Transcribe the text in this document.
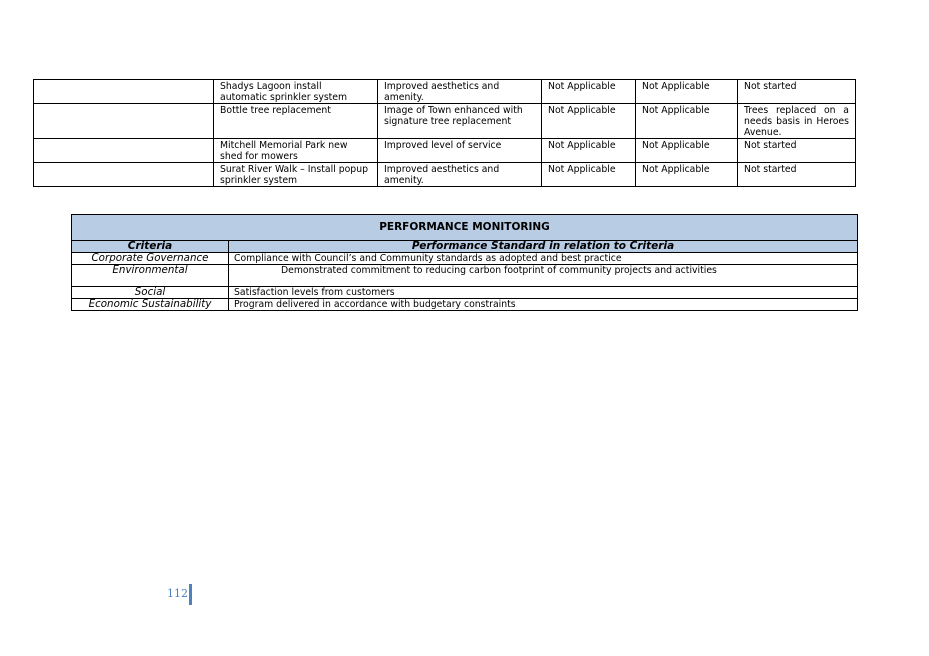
	Shadys Lagoon install automatic sprinkler system	Improved aesthetics and amenity.	Not Applicable	Not Applicable	Not started
	Bottle tree replacement	Image of Town enhanced with signature tree replacement	Not Applicable	Not Applicable	Trees replaced on a needs basis in Heroes Avenue.
	Mitchell Memorial Park new shed for mowers	Improved level of service	Not Applicable	Not Applicable	Not started
	Surat River Walk – Install popup sprinkler system	Improved aesthetics and amenity.	Not Applicable	Not Applicable	Not started
PERFORMANCE MONITORING	
Criteria	Performance Standard in relation to Criteria
Corporate Governance	Compliance with Council’s and Community standards as adopted and best practice
Environmental	Demonstrated commitment to reducing carbon footprint of community projects and activities
Social	Satisfaction levels from customers
Economic Sustainability	Program delivered in accordance with budgetary constraints
112
